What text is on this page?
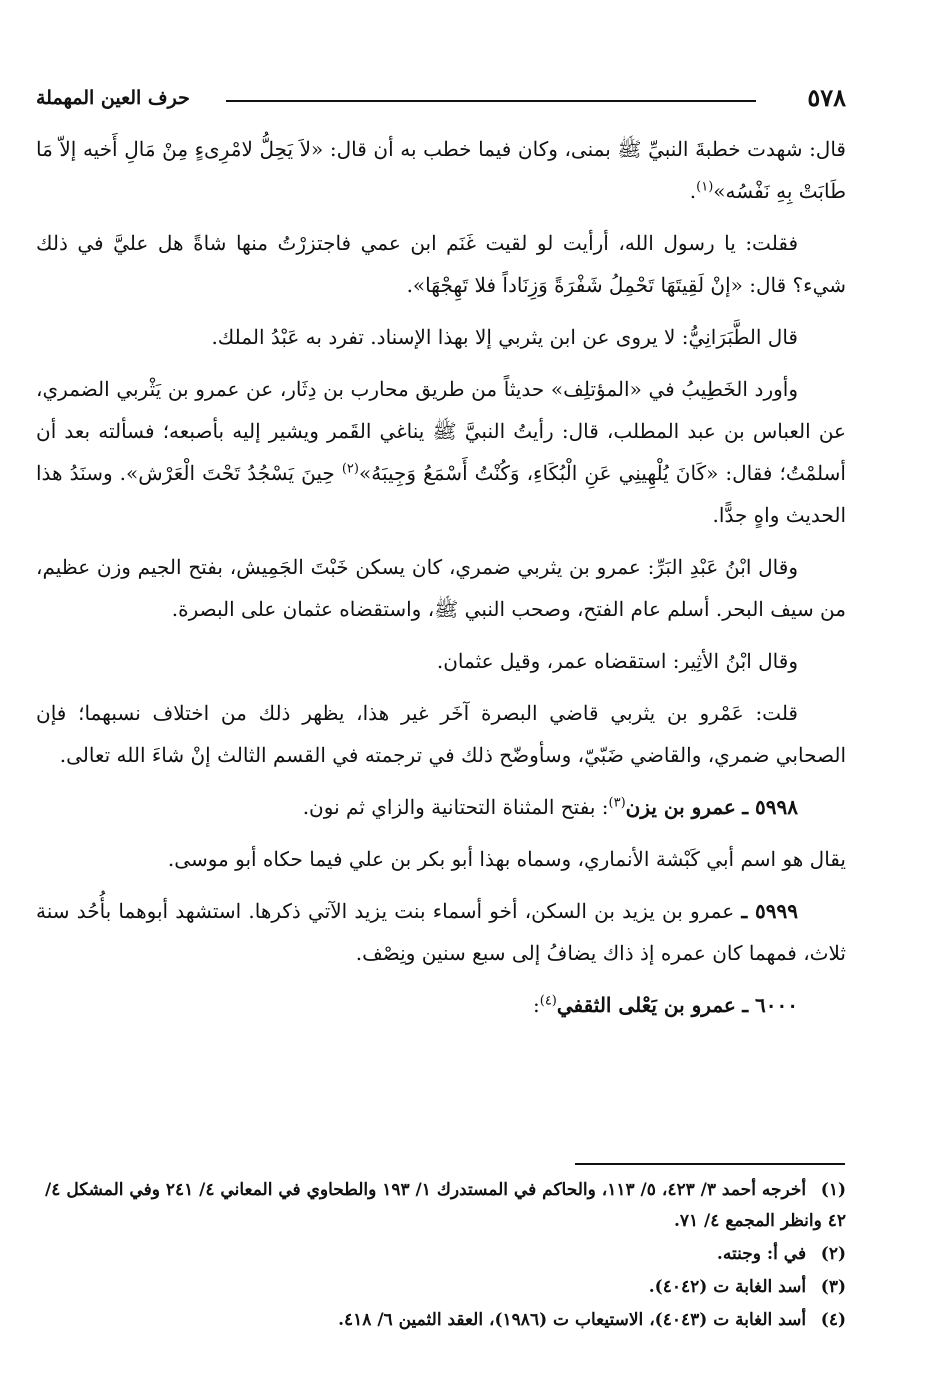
٥٧٨
حرف العين المهملة

قال: شهدت خطبةَ النبيِّ ﷺ بمنى، وكان فيما خطب به أن قال: «لاَ يَحِلُّ لامْرِىءٍ مِنْ مَالِ أَخيه إلاّ مَا طَابَتْ بِهِ نَفْسُه»$^{(١)}$.

فقلت: يا رسول الله، أرأيت لو لقيت غَنَم ابن عمي فاجتزرْتُ منها شاةً هل عليَّ في ذلك شيء؟ قال: «إنْ لَقِيتَهَا تَحْمِلُ شَفْرَةً وَزِنَاداً فلا تَهِجْهَا».

قال الطَّبَرَانِيُّ: لا يروى عن ابن يثربي إلا بهذا الإسناد. تفرد به عَبْدُ الملك.

وأورد الخَطِيبُ في «المؤتلِف» حديثاً من طريق محارب بن دِثَار، عن عمرو بن يَثْربي الضمري، عن العباس بن عبد المطلب، قال: رأيتُ النبيَّ ﷺ يناغي القَمر ويشير إليه بأصبعه؛ فسألته بعد أن أسلمْتُ؛ فقال: «كَانَ يُلْهِينِي عَنِ الْبُكَاءِ، وَكُنْتُ أَسْمَعُ وَجِيبَهُ»$^{(٢)}$ حِينَ يَسْجُدُ تَحْتَ الْعَرْش». وسنَدُ هذا الحديث واهٍ جدًّا.

وقال ابْنُ عَبْدِ البَرِّ: عمرو بن يثربي ضمري، كان يسكن خَبْتَ الجَمِيش، بفتح الجيم وزن عظيم، من سيف البحر. أسلم عام الفتح، وصحب النبي ﷺ، واستقضاه عثمان على البصرة.

وقال ابْنُ الأثِير: استقضاه عمر، وقيل عثمان.

قلت: عَمْرو بن يثربي قاضي البصرة آخَر غير هذا، يظهر ذلك من اختلاف نسبهما؛ فإن الصحابي ضمري، والقاضي ضَبّيّ، وسأوضّح ذلك في ترجمته في القسم الثالث إنْ شاءَ الله تعالى.

٥٩٩٨ ـ عمرو بن يزن$^{(٣)}$: بفتح المثناة التحتانية والزاي ثم نون.

يقال هو اسم أبي كَبْشة الأنماري، وسماه بهذا أبو بكر بن علي فيما حكاه أبو موسى.

٥٩٩٩ ـ عمرو بن يزيد بن السكن، أخو أسماء بنت يزيد الآتي ذكرها. استشهد أبوهما بأُحُد سنة ثلاث، فمهما كان عمره إذ ذاك يضافُ إلى سبع سنين ونِصْف.

٦٠٠٠ ـ عمرو بن يَعْلى الثقفي$^{(٤)}$:

(١) أخرجه أحمد ٣/ ٤٢٣، ٥/ ١١٣، والحاكم في المستدرك ١/ ١٩٣ والطحاوي في المعاني ٤/ ٢٤١ وفي المشكل ٤/ ٤٢ وانظر المجمع ٤/ ٧١.

(٢) في أ: وجنته.

(٣) أسد الغابة ت (٤٠٤٢).

(٤) أسد الغابة ت (٤٠٤٣)، الاستيعاب ت (١٩٨٦)، العقد الثمين ٦/ ٤١٨.
